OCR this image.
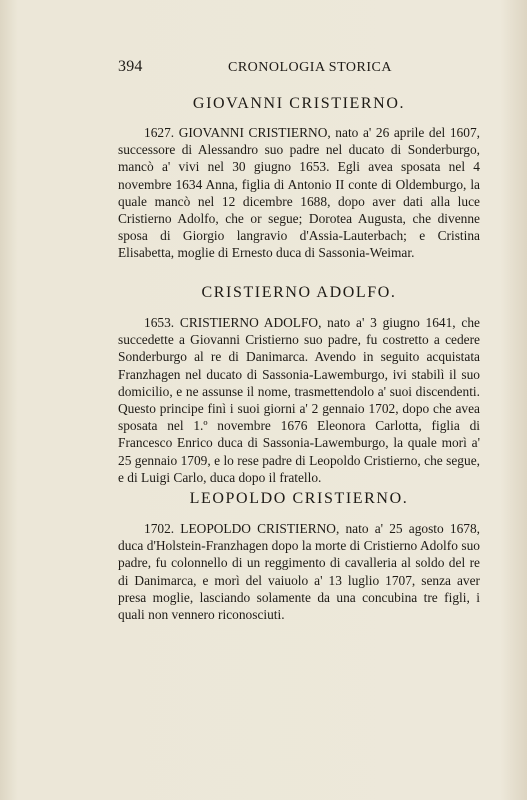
394	CRONOLOGIA STORICA
GIOVANNI CRISTIERNO.

1627. GIOVANNI CRISTIERNO, nato a' 26 aprile del 1607, successore di Alessandro suo padre nel ducato di Sonderburgo, mancò a' vivi nel 30 giugno 1653. Egli avea sposata nel 4 novembre 1634 Anna, figlia di Antonio II conte di Oldemburgo, la quale mancò nel 12 dicembre 1688, dopo aver dati alla luce Cristierno Adolfo, che or segue; Dorotea Augusta, che divenne sposa di Giorgio langravio d'Assia-Lauterbach; e Cristina Elisabetta, moglie di Ernesto duca di Sassonia-Weimar.

CRISTIERNO ADOLFO.

1653. CRISTIERNO ADOLFO, nato a' 3 giugno 1641, che succedette a Giovanni Cristierno suo padre, fu costretto a cedere Sonderburgo al re di Danimarca. Avendo in seguito acquistata Franzhagen nel ducato di Sassonia-Lawemburgo, ivi stabilì il suo domicilio, e ne assunse il nome, trasmettendolo a' suoi discendenti. Questo principe finì i suoi giorni a' 2 gennaio 1702, dopo che avea sposata nel 1.º novembre 1676 Eleonora Carlotta, figlia di Francesco Enrico duca di Sassonia-Lawemburgo, la quale morì a' 25 gennaio 1709, e lo rese padre di Leopoldo Cristierno, che segue, e di Luigi Carlo, duca dopo il fratello.

LEOPOLDO CRISTIERNO.

1702. LEOPOLDO CRISTIERNO, nato a' 25 agosto 1678, duca d'Holstein-Franzhagen dopo la morte di Cristierno Adolfo suo padre, fu colonnello di un reggimento di cavalleria al soldo del re di Danimarca, e morì del vaiuolo a' 13 luglio 1707, senza aver presa moglie, lasciando solamente da una concubina tre figli, i quali non vennero riconosciuti.
